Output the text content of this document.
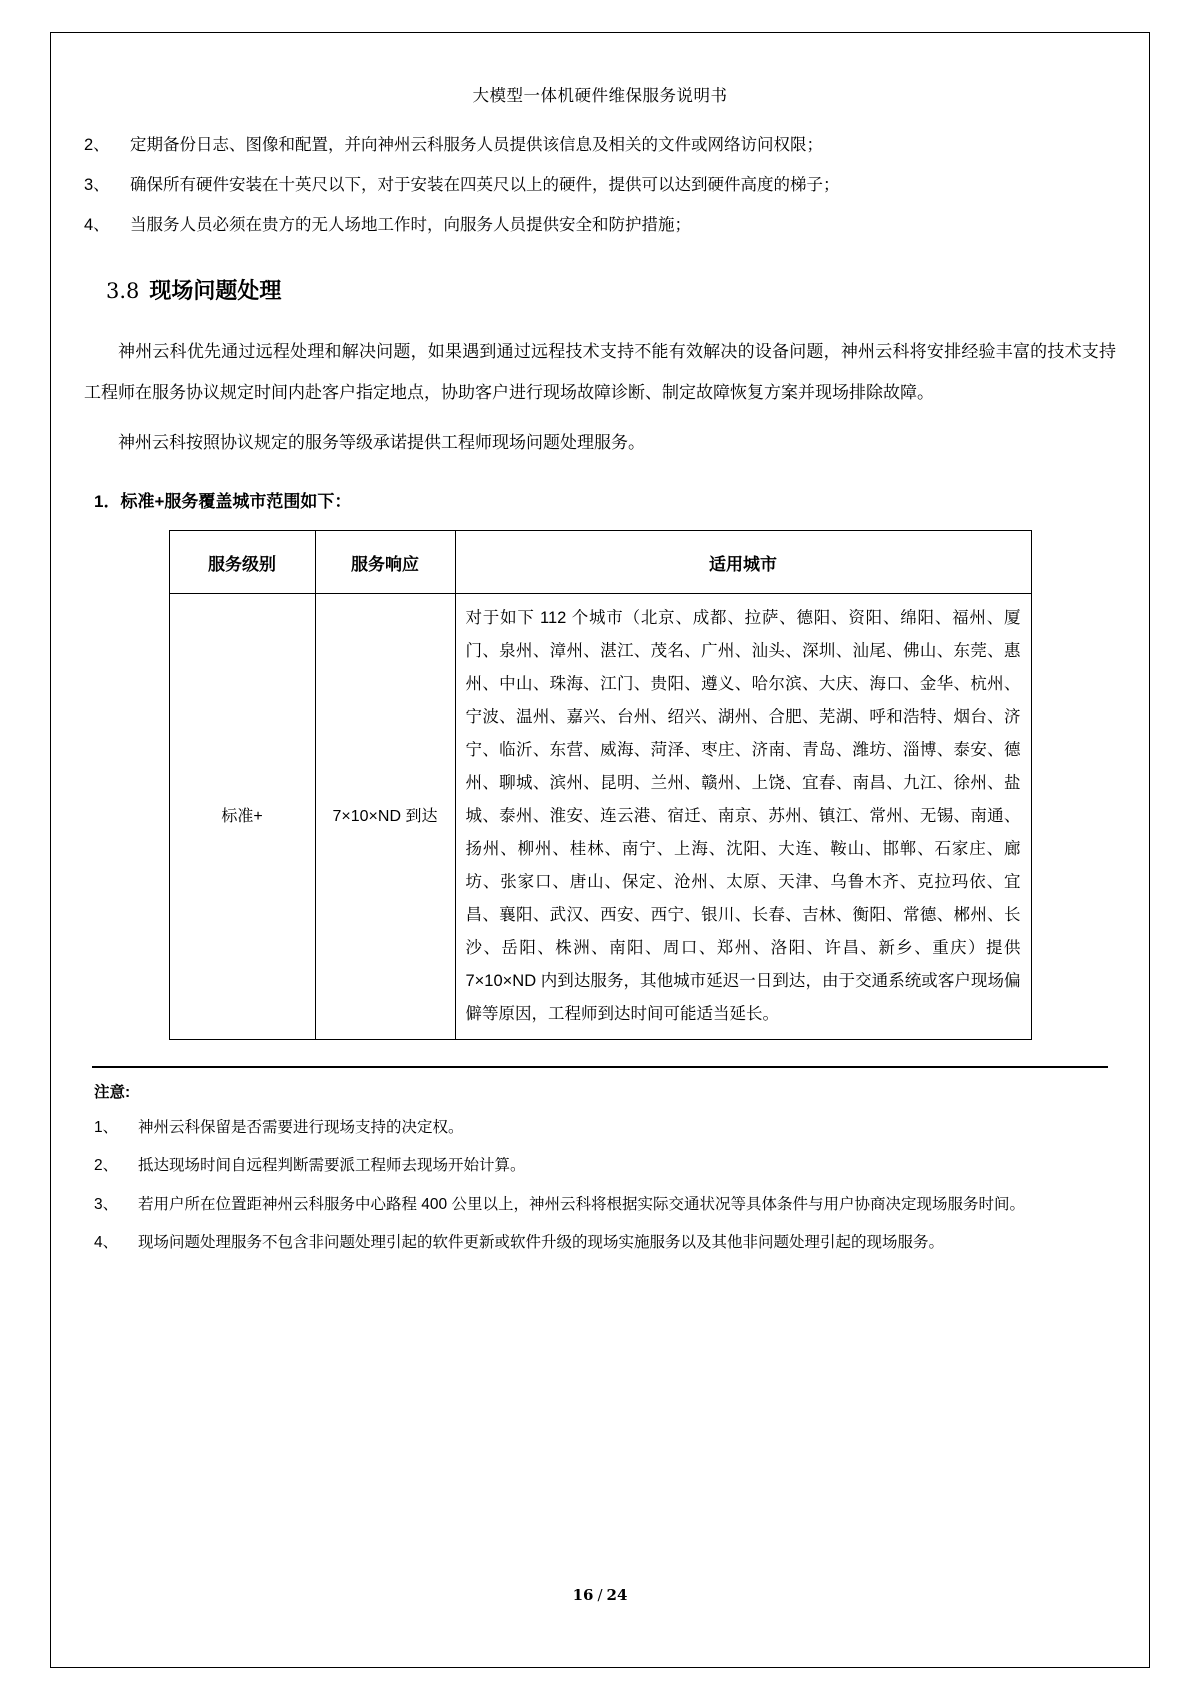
大模型一体机硬件维保服务说明书
2、	定期备份日志、图像和配置，并向神州云科服务人员提供该信息及相关的文件或网络访问权限；
3、	确保所有硬件安装在十英尺以下，对于安装在四英尺以上的硬件，提供可以达到硬件高度的梯子；
4、	当服务人员必须在贵方的无人场地工作时，向服务人员提供安全和防护措施；
3.8 现场问题处理

神州云科优先通过远程处理和解决问题，如果遇到通过远程技术支持不能有效解决的设备问题，神州云科将安排经验丰富的技术支持工程师在服务协议规定时间内赴客户指定地点，协助客户进行现场故障诊断、制定故障恢复方案并现场排除故障。

神州云科按照协议规定的服务等级承诺提供工程师现场问题处理服务。

1．标准+服务覆盖城市范围如下：
服务级别	服务响应	适用城市
标准+	7×10×ND 到达	对于如下 112 个城市（北京、成都、拉萨、德阳、资阳、绵阳、福州、厦门、泉州、漳州、湛江、茂名、广州、汕头、深圳、汕尾、佛山、东莞、惠州、中山、珠海、江门、贵阳、遵义、哈尔滨、大庆、海口、金华、杭州、宁波、温州、嘉兴、台州、绍兴、湖州、合肥、芜湖、呼和浩特、烟台、济宁、临沂、东营、威海、菏泽、枣庄、济南、青岛、潍坊、淄博、泰安、德州、聊城、滨州、昆明、兰州、赣州、上饶、宜春、南昌、九江、徐州、盐城、泰州、淮安、连云港、宿迁、南京、苏州、镇江、常州、无锡、南通、扬州、柳州、桂林、南宁、上海、沈阳、大连、鞍山、邯郸、石家庄、廊坊、张家口、唐山、保定、沧州、太原、天津、乌鲁木齐、克拉玛依、宜昌、襄阳、武汉、西安、西宁、银川、长春、吉林、衡阳、常德、郴州、长沙、岳阳、株洲、南阳、周口、郑州、洛阳、许昌、新乡、重庆）提供 7×10×ND 内到达服务，其他城市延迟一日到达，由于交通系统或客户现场偏僻等原因，工程师到达时间可能适当延长。
注意:
1、	神州云科保留是否需要进行现场支持的决定权。
2、	抵达现场时间自远程判断需要派工程师去现场开始计算。
3、	若用户所在位置距神州云科服务中心路程 400 公里以上，神州云科将根据实际交通状况等具体条件与用户协商决定现场服务时间。
4、	现场问题处理服务不包含非问题处理引起的软件更新或软件升级的现场实施服务以及其他非问题处理引起的现场服务。
16 / 24
